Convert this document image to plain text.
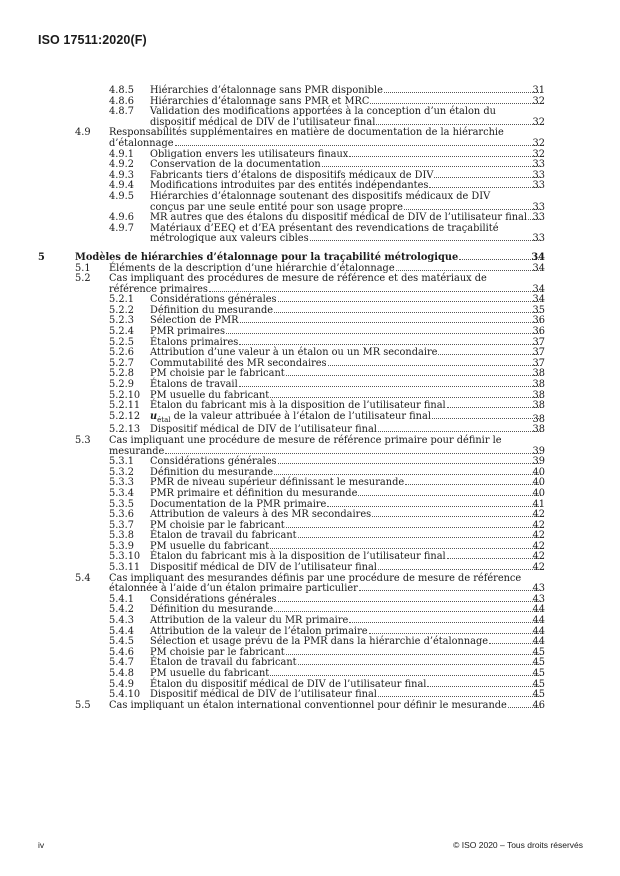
ISO 17511:2020(F)
4.8.5 Hiérarchies d’étalonnage sans PMR disponible	31
4.8.6 Hiérarchies d’étalonnage sans PMR et MRC	32
4.8.7 Validation des modifications apportées à la conception d’un étalon du
dispositif médical de DIV de l’utilisateur final	32
4.9 Responsabilités supplémentaires en matière de documentation de la hiérarchie
d’étalonnage	32
4.9.1 Obligation envers les utilisateurs finaux	32
4.9.2 Conservation de la documentation	33
4.9.3 Fabricants tiers d’étalons de dispositifs médicaux de DIV	33
4.9.4 Modifications introduites par des entités indépendantes	33
4.9.5 Hiérarchies d’étalonnage soutenant des dispositifs médicaux de DIV
conçus par une seule entité pour son usage propre	33
4.9.6 MR autres que des étalons du dispositif médical de DIV de l’utilisateur final 33
4.9.7 Matériaux d’EEQ et d’EA présentant des revendications de traçabilité
métrologique aux valeurs cibles	33
5	Modèles de hiérarchies d’étalonnage pour la traçabilité métrologique	34
5.1 Éléments de la description d’une hiérarchie d’étalonnage	34
5.2 Cas impliquant des procédures de mesure de référence et des matériaux de
référence primaires	34
5.2.1 Considérations générales	34
5.2.2 Définition du mesurande	35
5.2.3 Sélection de PMR	36
5.2.4 PMR primaires	36
5.2.5 Étalons primaires	37
5.2.6 Attribution d’une valeur à un étalon ou un MR secondaire	37
5.2.7 Commutabilité des MR secondaires	37
5.2.8 PM choisie par le fabricant	38
5.2.9 Étalons de travail	38
5.2.10 PM usuelle du fabricant	38
5.2.11 Étalon du fabricant mis à la disposition de l’utilisateur final	38
5.2.12 $u_{étal}$ de la valeur attribuée à l’étalon de l’utilisateur final	38
5.2.13 Dispositif médical de DIV de l’utilisateur final	38
5.3 Cas impliquant une procédure de mesure de référence primaire pour définir le
mesurande	39
5.3.1 Considérations générales	39
5.3.2 Définition du mesurande	40
5.3.3 PMR de niveau supérieur définissant le mesurande	40
5.3.4 PMR primaire et définition du mesurande	40
5.3.5 Documentation de la PMR primaire	41
5.3.6 Attribution de valeurs à des MR secondaires	42
5.3.7 PM choisie par le fabricant	42
5.3.8 Étalon de travail du fabricant	42
5.3.9 PM usuelle du fabricant	42
5.3.10 Étalon du fabricant mis à la disposition de l’utilisateur final	42
5.3.11 Dispositif médical de DIV de l’utilisateur final	42
5.4 Cas impliquant des mesurandes définis par une procédure de mesure de référence
étalonnée à l’aide d’un étalon primaire particulier	43
5.4.1 Considérations générales	43
5.4.2 Définition du mesurande	44
5.4.3 Attribution de la valeur du MR primaire	44
5.4.4 Attribution de la valeur de l’étalon primaire	44
5.4.5 Sélection et usage prévu de la PMR dans la hiérarchie d’étalonnage	44
5.4.6 PM choisie par le fabricant	45
5.4.7 Étalon de travail du fabricant	45
5.4.8 PM usuelle du fabricant	45
5.4.9 Étalon du dispositif médical de DIV de l’utilisateur final	45
5.4.10 Dispositif médical de DIV de l’utilisateur final	45
5.5 Cas impliquant un étalon international conventionnel pour définir le mesurande	46
iv	© ISO 2020 – Tous droits réservés
